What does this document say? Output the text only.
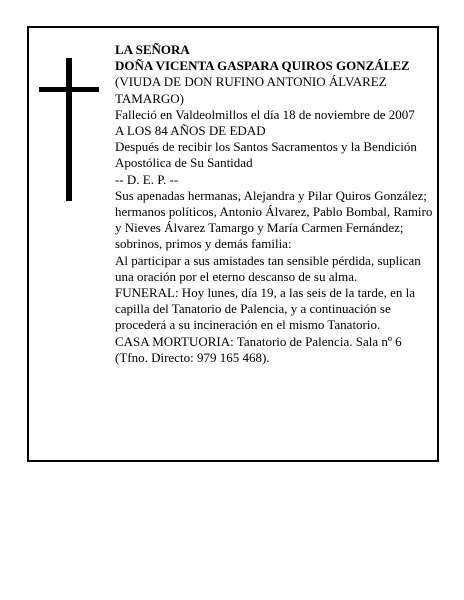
LA SEÑORA

DOÑA VICENTA GASPARA QUIROS GONZÁLEZ

(VIUDA DE DON RUFINO ANTONIO ÁLVAREZ TAMARGO)

Falleció en Valdeolmillos el día 18 de noviembre de 2007

A LOS 84 AÑOS DE EDAD

Después de recibir los Santos Sacramentos y la Bendición Apostólica de Su Santidad

-- D. E. P. --

Sus apenadas hermanas, Alejandra y Pilar Quiros González; hermanos políticos, Antonio Álvarez, Pablo Bombal, Ramiro y Nieves Álvarez Tamargo y María Carmen Fernández; sobrinos, primos y demás familia:

Al participar a sus amistades tan sensible pérdida, suplican una oración por el eterno descanso de su alma.

FUNERAL: Hoy lunes, día 19, a las seis de la tarde, en la capilla del Tanatorio de Palencia, y a continuación se procederá a su incineración en el mismo Tanatorio.

CASA MORTUORIA: Tanatorio de Palencia. Sala nº 6 (Tfno. Directo: 979 165 468).
